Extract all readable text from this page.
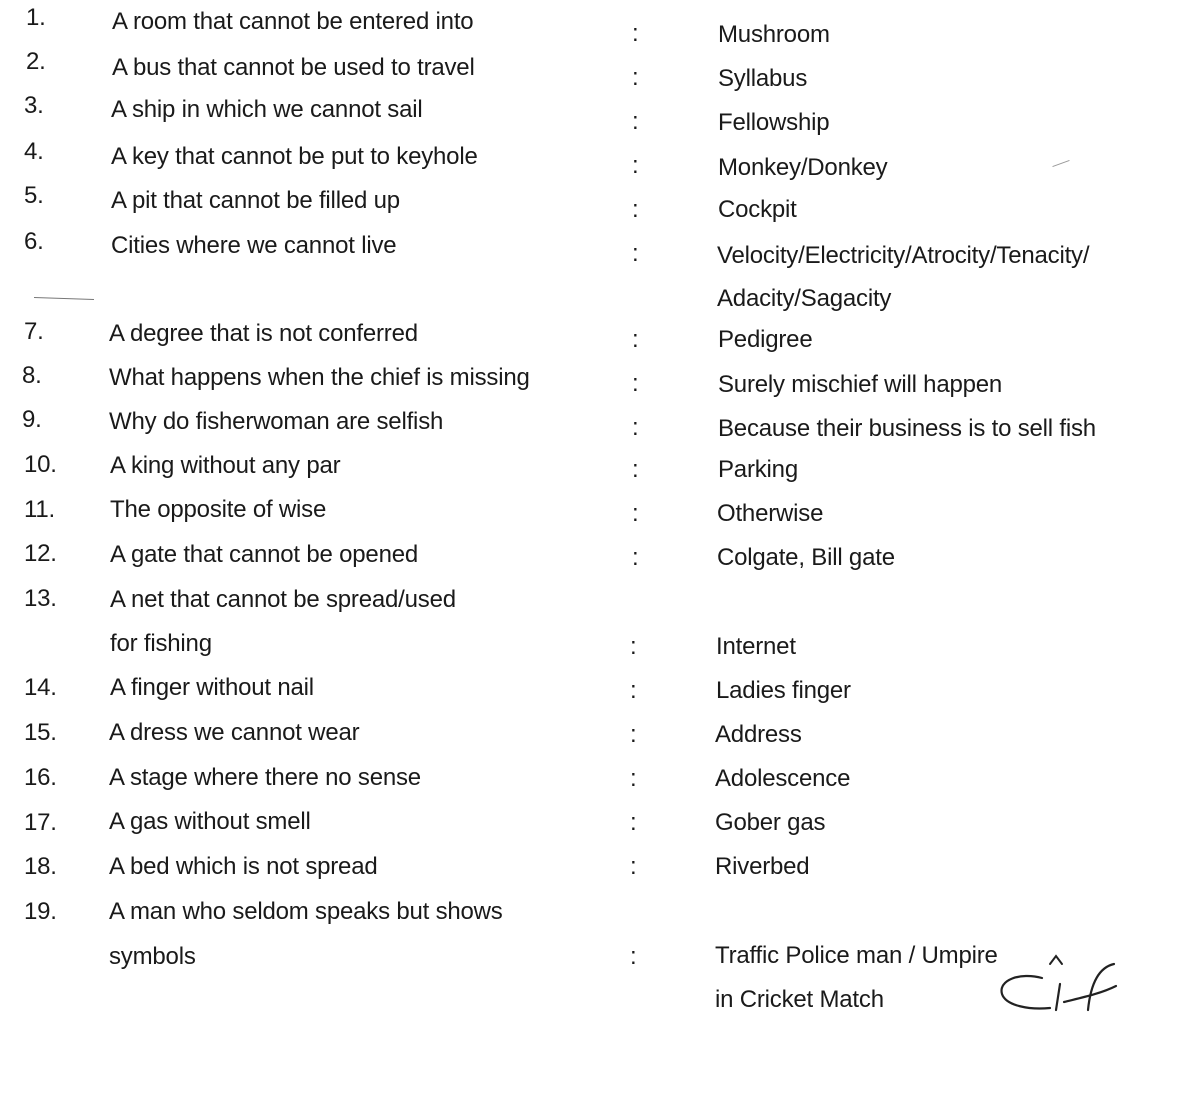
1.	A room that cannot be entered into	:	Mushroom
2.	A bus that cannot be used to travel	:	Syllabus
3.	A ship in which we cannot sail	:	Fellowship
4.	A key that cannot be put to keyhole	:	Monkey/Donkey
5.	A pit that cannot be filled up	:	Cockpit
6.	Cities where we cannot live	:	Velocity/Electricity/Atrocity/Tenacity/
Adacity/Sagacity
7.	A degree that is not conferred	:	Pedigree
8.	What happens when the chief is missing	:	Surely mischief will happen
9.	Why do fisherwoman are selfish	:	Because their business is to sell fish
10. A king without any par	:	Parking
11. The opposite of wise	:	Otherwise
12. A gate that cannot be opened	:	Colgate, Bill gate
13. A net that cannot be spread/used
for fishing	:	Internet
14. A finger without nail	:	Ladies finger
15. A dress we cannot wear	:	Address
16. A stage where there no sense	:	Adolescence
17. A gas without smell	:	Gober gas
18. A bed which is not spread	:	Riverbed
19. A man who seldom speaks but shows
symbols	:	Traffic Police man / Umpire
in Cricket Match
